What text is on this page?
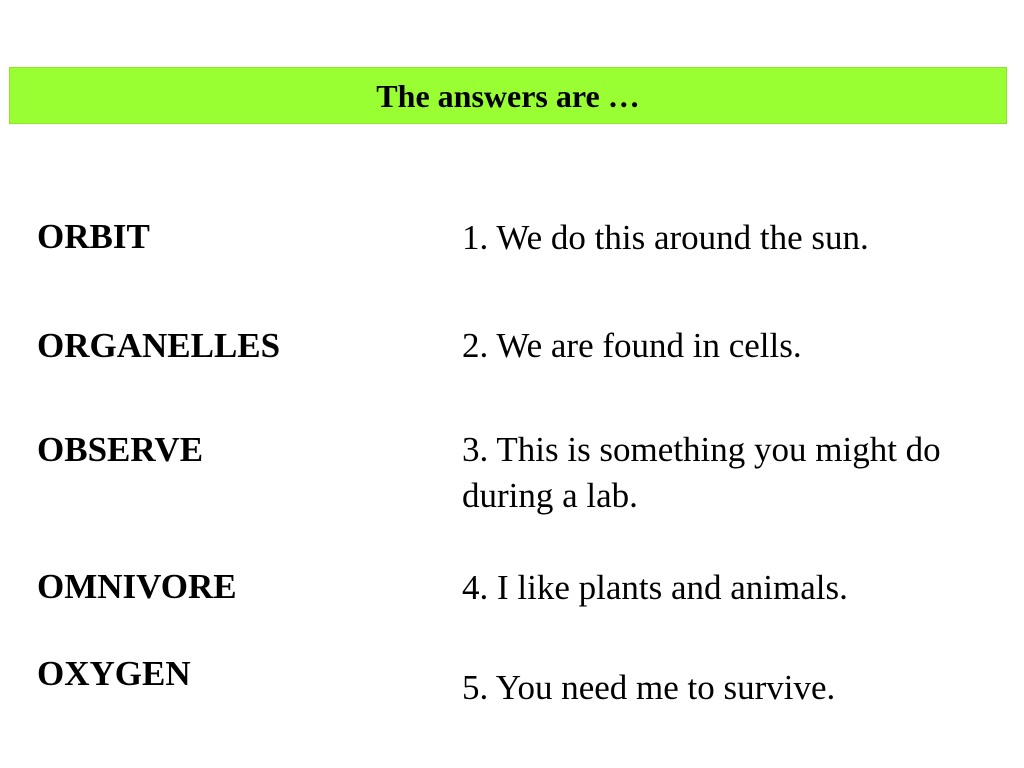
The answers are …
ORBIT	1. We do this around the sun.
ORGANELLES	2. We are found in cells.
OBSERVE	3. This is something you might do during a lab.
OMNIVORE	4. I like plants and animals.
OXYGEN	5. You need me to survive.
